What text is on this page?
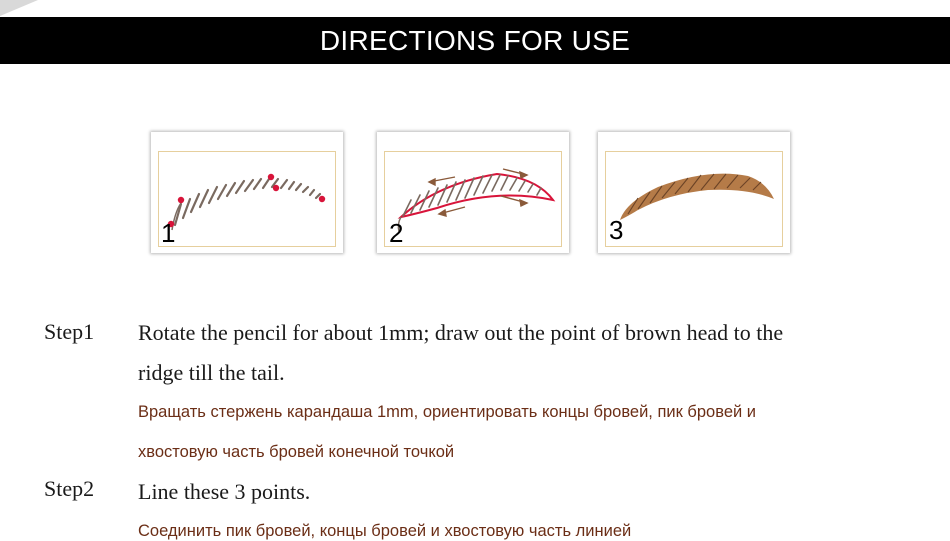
DIRECTIONS FOR USE
1	2	3
Step1 Rotate the pencil for about 1mm; draw out the point of brown head to the
ridge till the tail.
Вращать стержень карандаша 1mm, ориентировать концы бровей, пик бровей и
хвостовую часть бровей конечной точкой
Step2 Line these 3 points.
Соединить пик бровей, концы бровей и хвостовую часть линией
